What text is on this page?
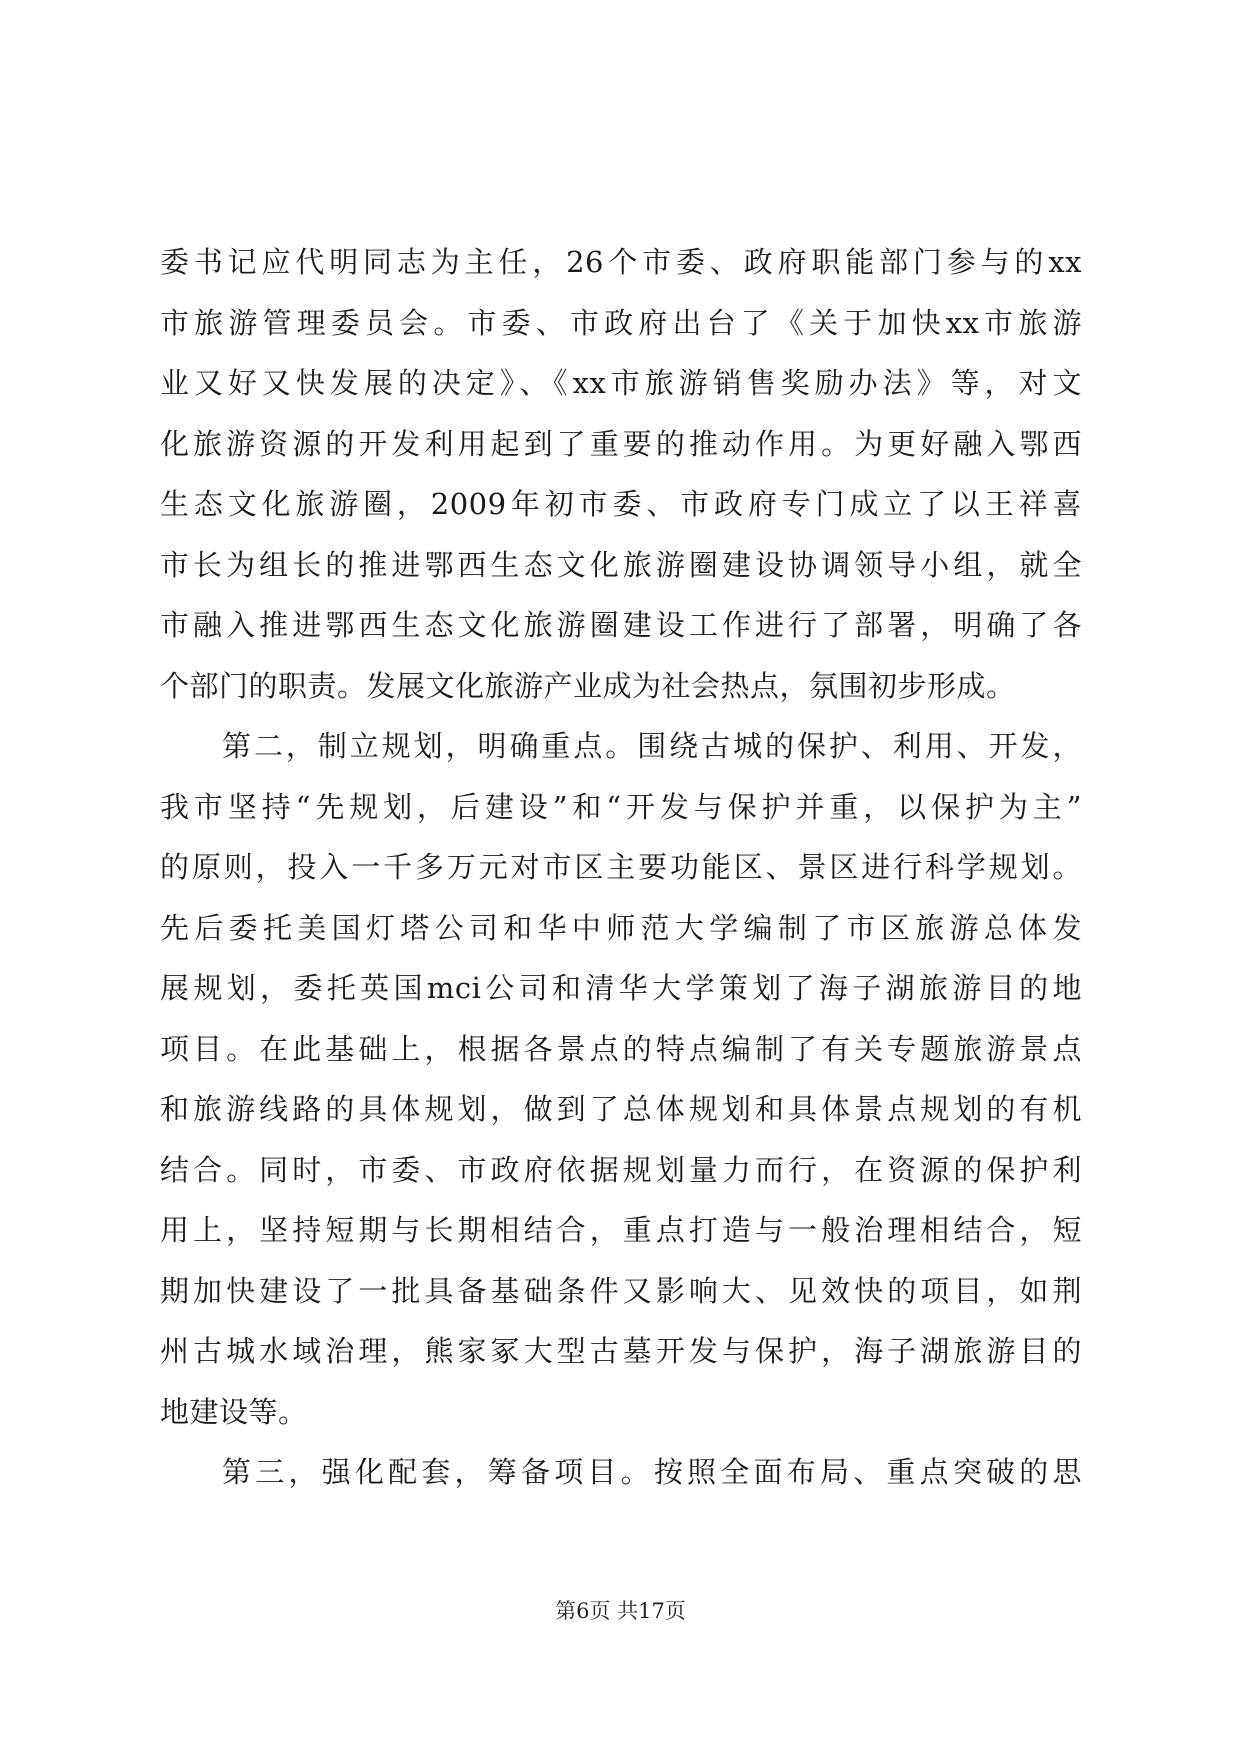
委书记应代明同志为主任，26个市委、政府职能部门参与的xx
市旅游管理委员会。市委、市政府出台了《关于加快xx市旅游
业又好又快发展的决定》、《xx市旅游销售奖励办法》等，对文
化旅游资源的开发利用起到了重要的推动作用。为更好融入鄂西
生态文化旅游圈，2009年初市委、市政府专门成立了以王祥喜
市长为组长的推进鄂西生态文化旅游圈建设协调领导小组，就全
市融入推进鄂西生态文化旅游圈建设工作进行了部署，明确了各
个部门的职责。发展文化旅游产业成为社会热点，氛围初步形成。
第二，制立规划，明确重点。围绕古城的保护、利用、开发，
我市坚持“先规划，后建设”和“开发与保护并重，以保护为主”
的原则，投入一千多万元对市区主要功能区、景区进行科学规划。
先后委托美国灯塔公司和华中师范大学编制了市区旅游总体发
展规划，委托英国mci公司和清华大学策划了海子湖旅游目的地
项目。在此基础上，根据各景点的特点编制了有关专题旅游景点
和旅游线路的具体规划，做到了总体规划和具体景点规划的有机
结合。同时，市委、市政府依据规划量力而行，在资源的保护利
用上，坚持短期与长期相结合，重点打造与一般治理相结合，短
期加快建设了一批具备基础条件又影响大、见效快的项目，如荆
州古城水域治理，熊家冢大型古墓开发与保护，海子湖旅游目的
地建设等。
第三，强化配套，筹备项目。按照全面布局、重点突破的思
第6页 共17页
